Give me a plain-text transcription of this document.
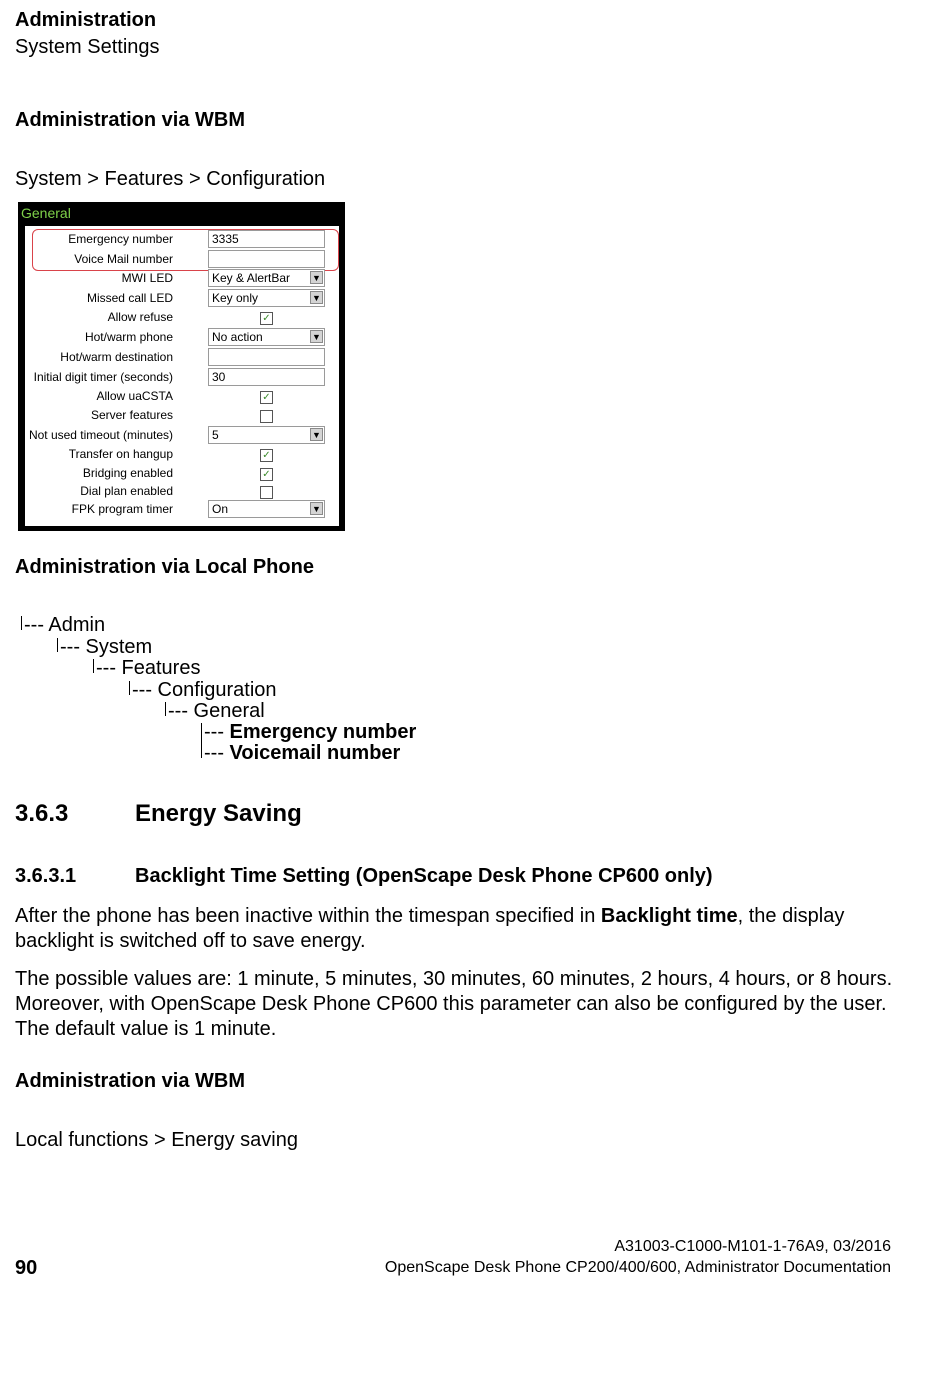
Administration
System Settings
Administration via WBM
System > Features > Configuration
General
Emergency number	3335
Voice Mail number
MWI LED	Key & AlertBar ▼
Missed call LED	Key only	▼
Allow refuse	✓
Hot/warm phone	No action	▼
Hot/warm destination
Initial digit timer (seconds)	30
Allow uaCSTA	✓
Server features
Not used timeout (minutes)	5	▼
Transfer on hangup	✓
Bridging enabled	✓
Dial plan enabled
FPK program timer	On	▼
Administration via Local Phone
--- Admin
--- System
--- Features
--- Configuration
--- General
--- Emergency number
--- Voicemail number
3.6.3	Energy Saving
3.6.3.1	Backlight Time Setting (OpenScape Desk Phone CP600 only)
After the phone has been inactive within the timespan specified in Backlight time, the display backlight is switched off to save energy.
The possible values are: 1 minute, 5 minutes, 30 minutes, 60 minutes, 2 hours, 4 hours, or 8 hours. Moreover, with OpenScape Desk Phone CP600 this parameter can also be configured by the user. The default value is 1 minute.
Administration via WBM
Local functions > Energy saving
A31003-C1000-M101-1-76A9, 03/2016
OpenScape Desk Phone CP200/400/600, Administrator Documentation
90
